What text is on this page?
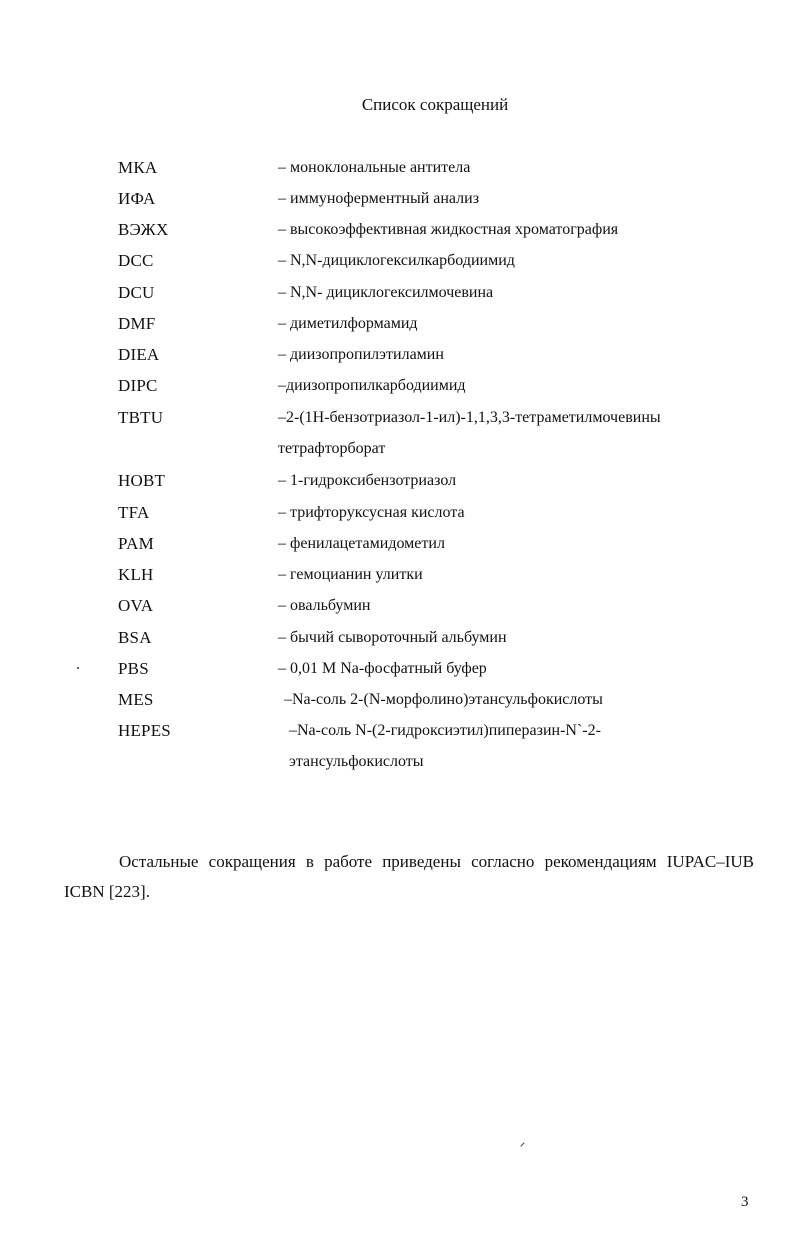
Список сокращений
МКА	– моноклональные антитела
ИФА	– иммуноферментный анализ
ВЭЖХ	– высокоэффективная жидкостная хроматография
DCC	– N,N-дициклогексилкарбодиимид
DCU	– N,N- дициклогексилмочевина
DMF	– диметилформамид
DIEA	– диизопропилэтиламин
DIPC	–диизопропилкарбодиимид
TBTU	–2-(1Н-бензотриазол-1-ил)-1,1,3,3-тетраметилмочевины
тетрафторборат
HOBT	– 1-гидроксибензотриазол
TFA	– трифторуксусная кислота
PAM	– фенилацетамидометил
KLH	– гемоцианин улитки
OVA	– овальбумин
BSA	– бычий сывороточный альбумин
PBS	– 0,01 М Na-фосфатный буфер
MES	–Na-соль 2-(N-морфолино)этансульфокислоты
HEPES	–Na-соль N-(2-гидроксиэтил)пиперазин-N`-2-
этансульфокислоты

Остальные сокращения в работе приведены согласно рекомендациям IUPAC–IUB ICBN [223].

3
